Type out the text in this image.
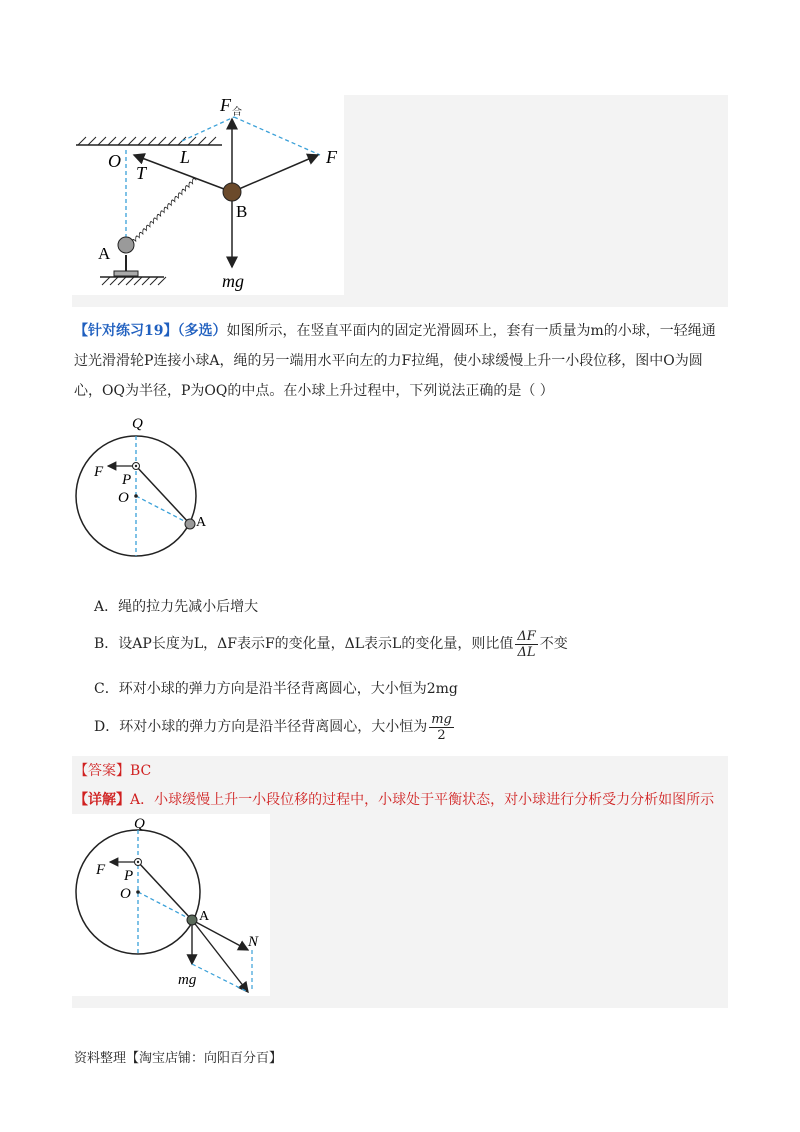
F 合
O	L
T
F
B
A
mg
【针对练习19】（多选）如图所示，在竖直平面内的固定光滑圆环上，套有一质量为m的小球，一轻绳通
过光滑滑轮P连接小球A，绳的另一端用水平向左的力F拉绳，使小球缓慢上升一小段位移，图中O为圆
心，OQ为半径，P为OQ的中点。在小球上升过程中，下列说法正确的是（ ）
Q
F P
O
A
A．绳的拉力先减小后增大
B．设AP长度为L，ΔF表示F的变化量，ΔL表示L的变化量，则比值 $\frac{\Delta F}{\Delta L}$ 不变
C．环对小球的弹力方向是沿半径背离圆心，大小恒为2mg
D．环对小球的弹力方向是沿半径背离圆心，大小恒为 $\frac{mg}{2}$
【答案】BC
【详解】A．小球缓慢上升一小段位移的过程中，小球处于平衡状态，对小球进行分析受力分析如图所示
Q
F P
O
A
N
mg
资料整理【淘宝店铺：向阳百分百】
